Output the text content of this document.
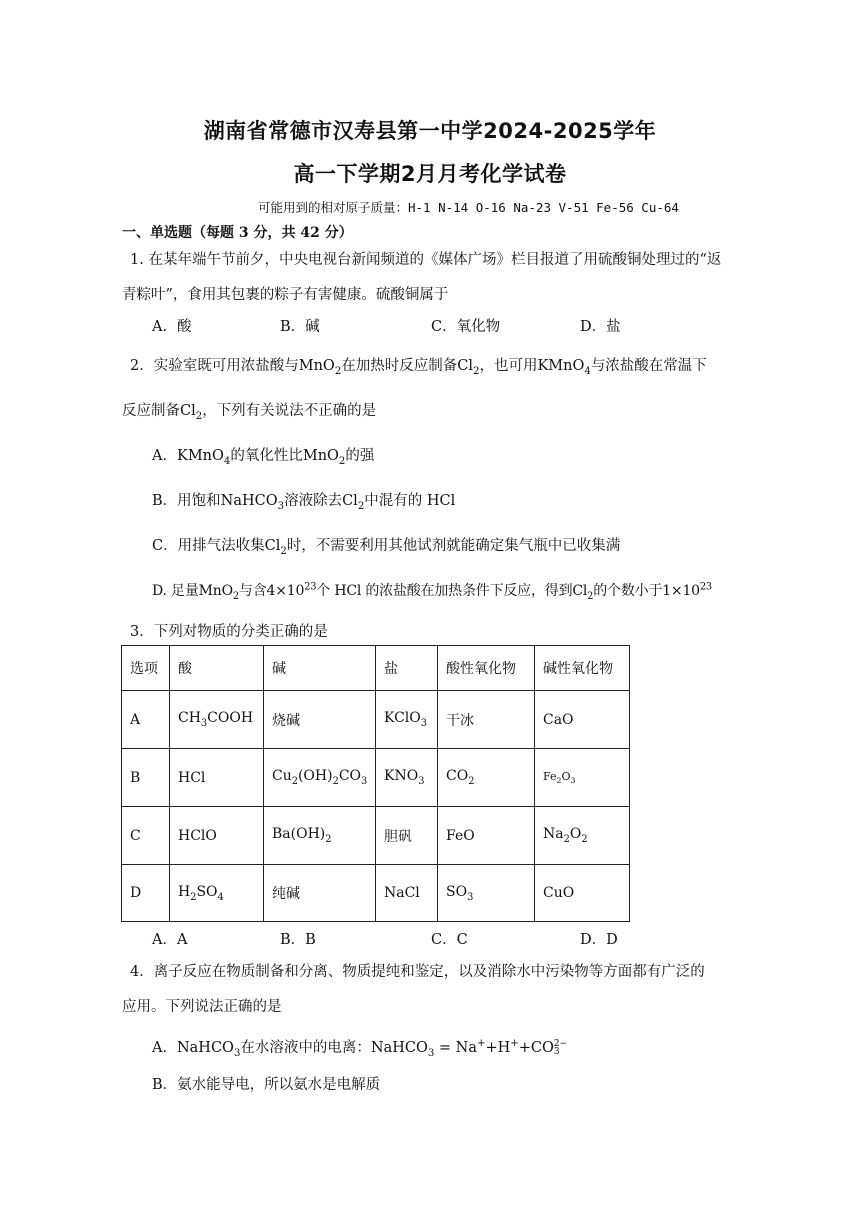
湖南省常德市汉寿县第一中学2024-2025学年
高一下学期2月月考化学试卷
可能用到的相对原子质量：H-1 N-14 O-16 Na-23 V-51 Fe-56 Cu-64
一、单选题（每题 3 分，共 42 分）
1. 在某年端午节前夕，中央电视台新闻频道的《媒体广场》栏目报道了用硫酸铜处理过的“返
青粽叶”，食用其包裹的粽子有害健康。硫酸铜属于
A．酸	B．碱	C．氧化物	D．盐
2．实验室既可用浓盐酸与MnO$_2$在加热时反应制备$Cl_2$，也可用KMnO$_4$与浓盐酸在常温下
反应制备$Cl_2$，下列有关说法不正确的是
A．KMnO$_4$的氧化性比MnO$_2$的强
B．用饱和NaHCO$_3$溶液除去$Cl_2$中混有的 HCl
C．用排气法收集$Cl_2$时，不需要利用其他试剂就能确定集气瓶中已收集满
D. 足量MnO$_2$与含$4\times 10^{23}$个 HCl 的浓盐酸在加热条件下反应，得到$Cl_2$的个数小于$1\times 10^{23}$
3．下列对物质的分类正确的是
选项	酸	碱	盐	酸性氧化物	碱性氧化物
A	$CH_3COOH$	烧碱	KClO$_3$	干冰	CaO
B	HCl	$Cu_2(OH)_2CO_3$	$KNO_3$	$CO_2$	$Fe_2O_3$
C	HClO	$Ba(OH)_2$	胆矾	FeO	$Na_2O_2$
D	$H_2SO_4$	纯碱	NaCl	$SO_3$	CuO
A．A	B．B	C．C	D．D
4．离子反应在物质制备和分离、物质提纯和鉴定，以及消除水中污染物等方面都有广泛的
应用。下列说法正确的是
A．NaHCO$_3$在水溶液中的电离：NaHCO$_3$ = Na++H++CO 2−
3
B．氨水能导电，所以氨水是电解质
